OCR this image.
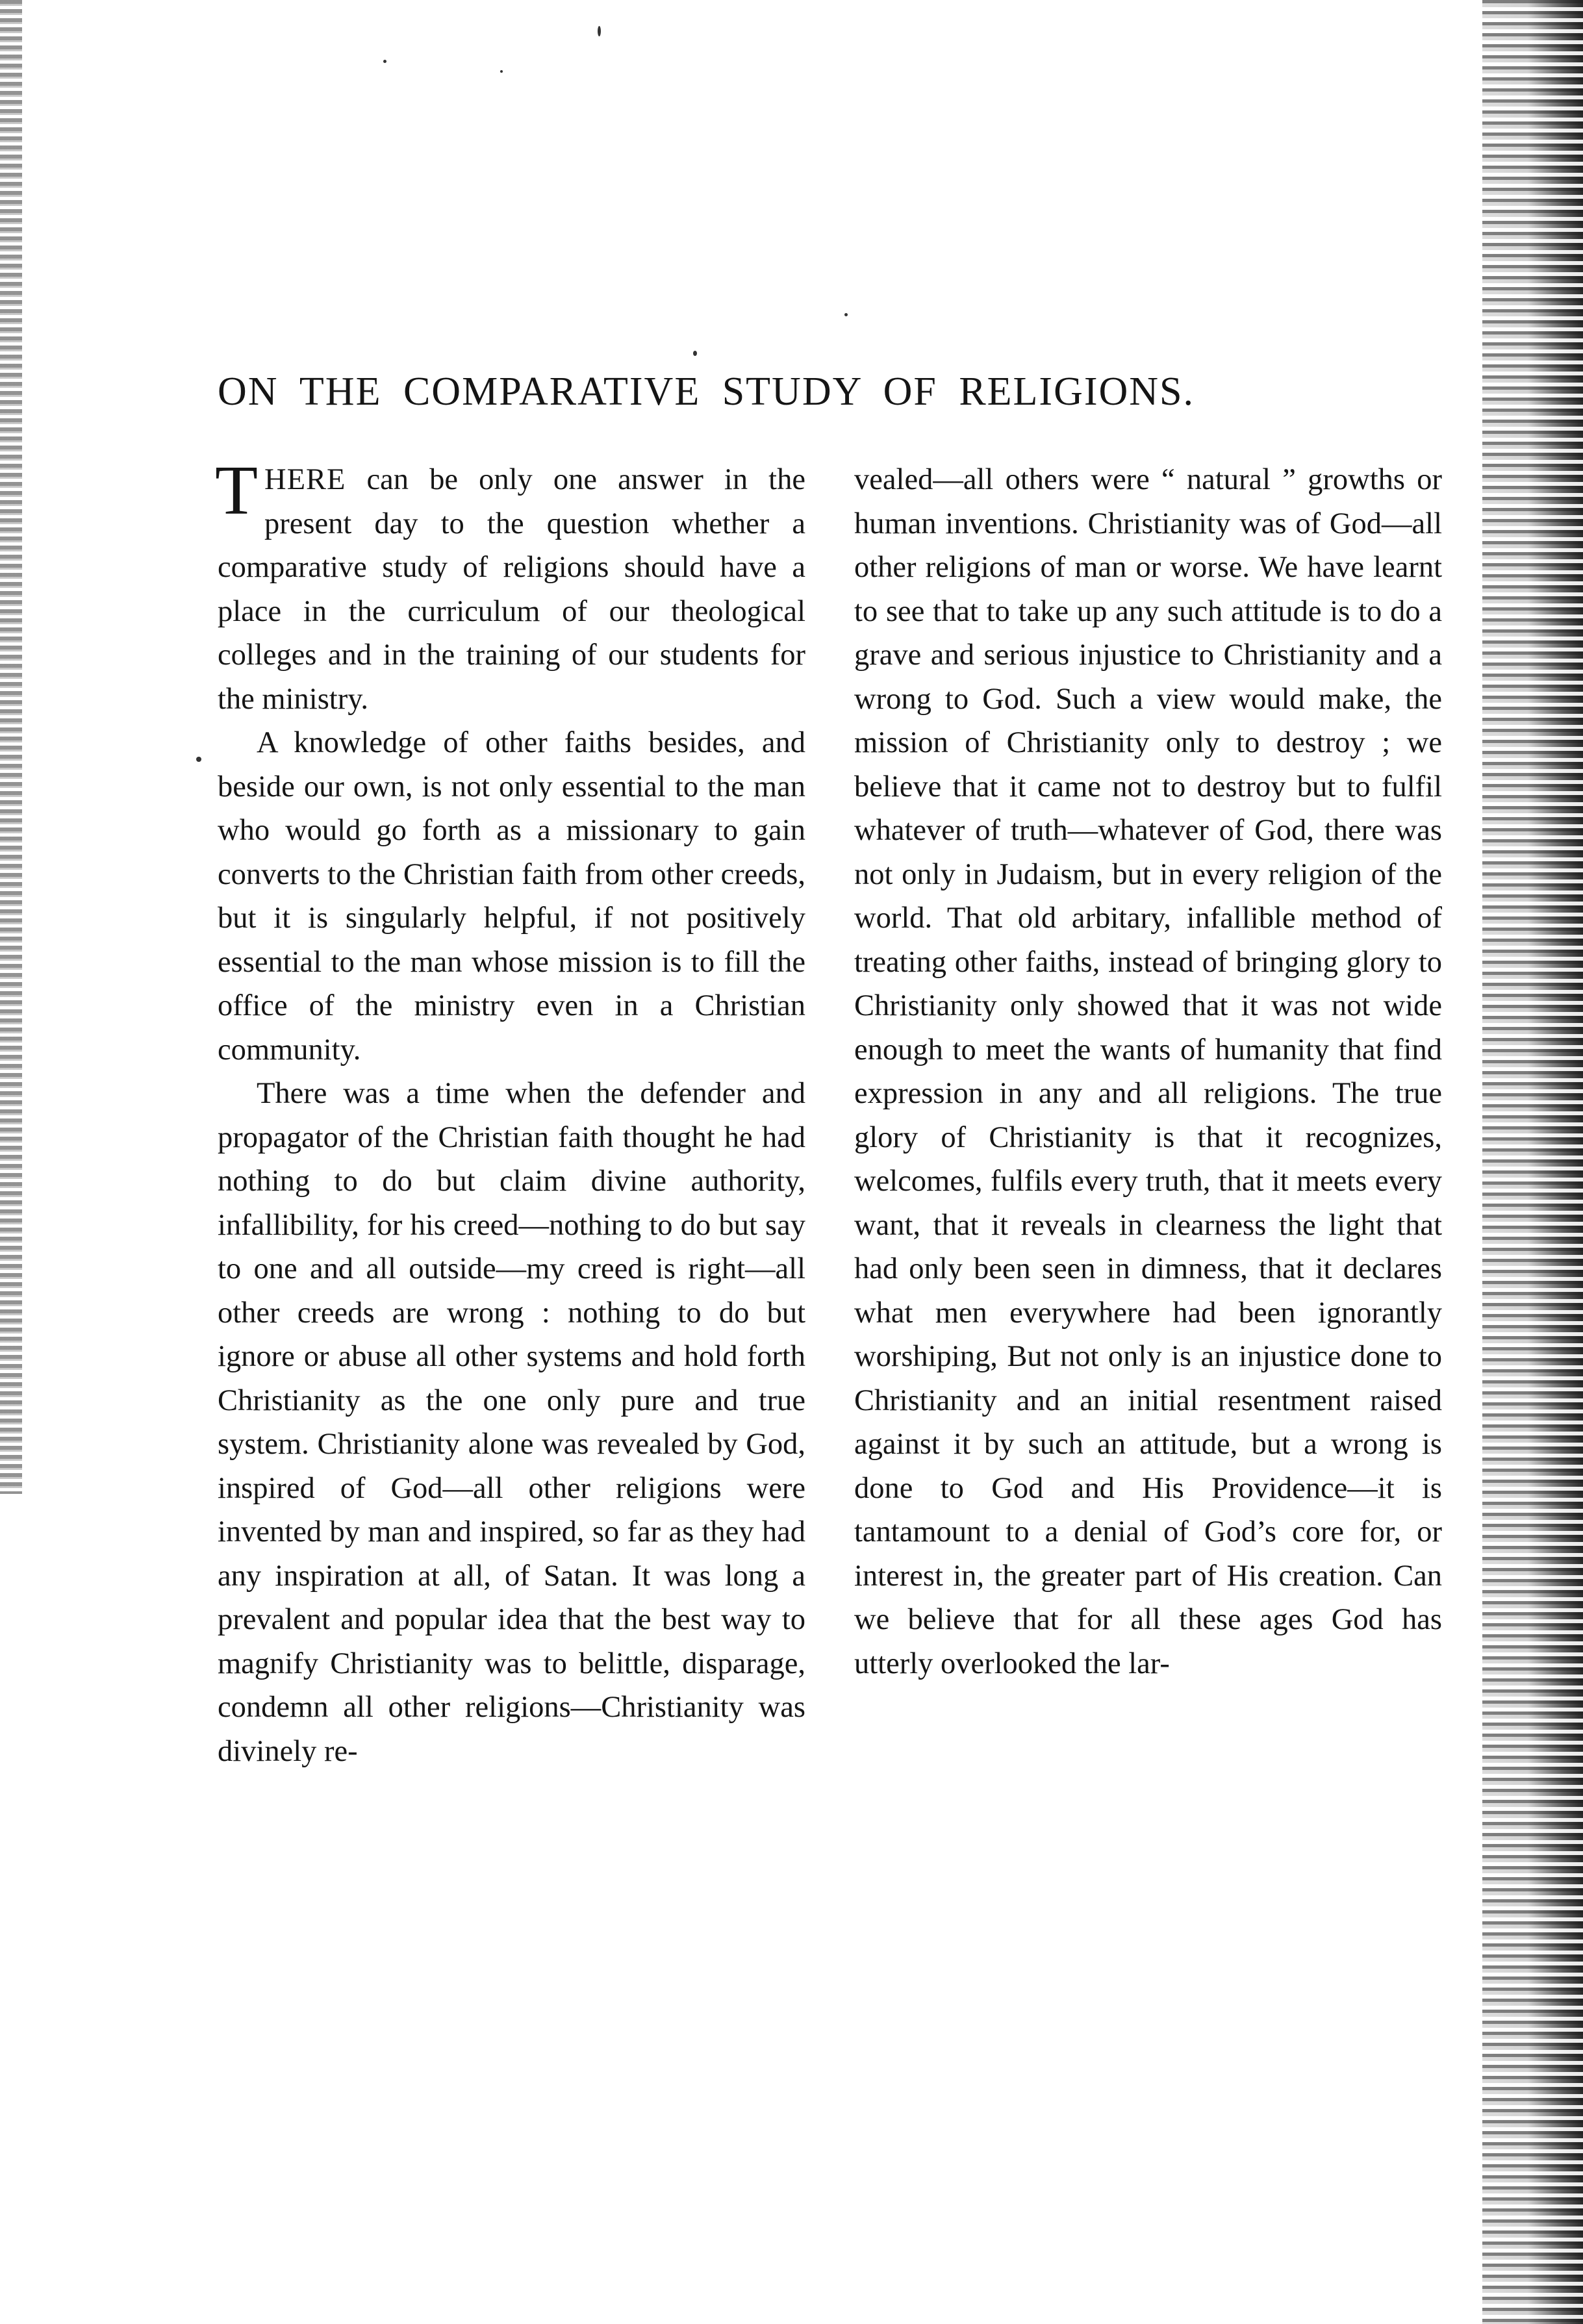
ON THE COMPARATIVE STUDY OF RELIGIONS.

THERE can be only one answer in the present day to the question whether a comparative study of religions should have a place in the curriculum of our theological colleges and in the training of our students for the ministry.

A knowledge of other faiths besides, and beside our own, is not only essential to the man who would go forth as a missionary to gain converts to the Christian faith from other creeds, but it is singularly helpful, if not positively essential to the man whose mission is to fill the office of the ministry even in a Christian community.

There was a time when the defender and propagator of the Christian faith thought he had nothing to do but claim divine authority, infallibility, for his creed—nothing to do but say to one and all outside—my creed is right—all other creeds are wrong : nothing to do but ignore or abuse all other systems and hold forth Christianity as the one only pure and true system. Christianity alone was revealed by God, inspired of God—all other religions were invented by man and inspired, so far as they had any inspiration at all, of Satan. It was long a prevalent and popular idea that the best way to magnify Christianity was to belittle, disparage, condemn all other religions—Christianity was divinely re-

vealed—all others were “ natural ” growths or human inventions. Christianity was of God—all other religions of man or worse. We have learnt to see that to take up any such attitude is to do a grave and serious injustice to Christianity and a wrong to God. Such a view would make, the mission of Christianity only to destroy ; we believe that it came not to destroy but to fulfil whatever of truth—whatever of God, there was not only in Judaism, but in every religion of the world. That old arbitary, infallible method of treating other faiths, instead of bringing glory to Christianity only showed that it was not wide enough to meet the wants of humanity that find expression in any and all religions. The true glory of Christianity is that it recognizes, welcomes, fulfils every truth, that it meets every want, that it reveals in clearness the light that had only been seen in dimness, that it declares what men everywhere had been ignorantly worshiping, But not only is an injustice done to Christianity and an initial resentment raised against it by such an attitude, but a wrong is done to God and His Providence—it is tantamount to a denial of God’s core for, or interest in, the greater part of His creation. Can we believe that for all these ages God has utterly overlooked the lar-
